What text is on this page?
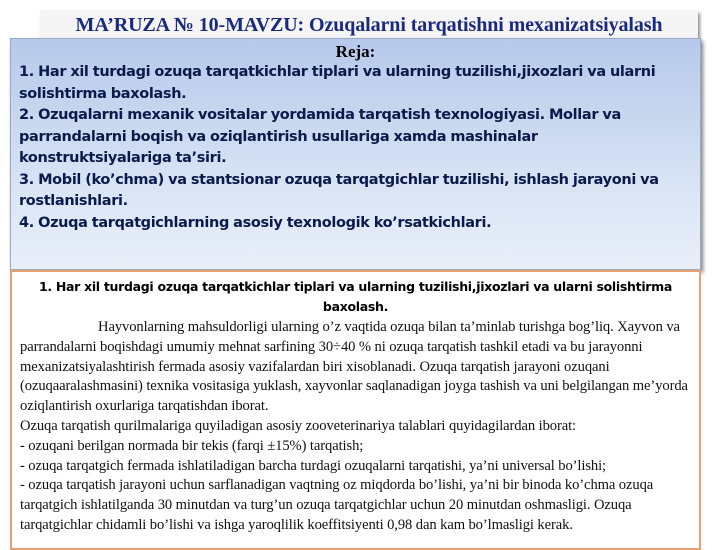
MA’RUZA № 10-MAVZU: Ozuqalarni tarqatishni mexanizatsiyalash
Reja:

1. Har xil turdagi ozuqa tarqatkichlar tiplari va ularning tuzilishi,jixozlari va ularni solishtirma baxolash.

2. Ozuqalarni mexanik vositalar yordamida tarqatish texnologiyasi. Mollar va parrandalarni boqish va oziqlantirish usullariga xamda mashinalar konstruktsiyalariga ta’siri.

3. Mobil (ko’chma) va stantsionar ozuqa tarqatgichlar tuzilishi, ishlash jarayoni va rostlanishlari.

4. Ozuqa tarqatgichlarning asosiy texnologik ko’rsatkichlari.

1. Har xil turdagi ozuqa tarqatkichlar tiplari va ularning tuzilishi,jixozlari va ularni solishtirma baxolash.

Hayvonlarning mahsuldorligi ularning o’z vaqtida ozuqa bilan ta’minlab turishga bog’liq. Xayvon va parrandalarni boqishdagi umumiy mehnat sarfining 30÷40 % ni ozuqa tarqatish tashkil etadi va bu jarayonni mexanizatsiyalashtirish fermada asosiy vazifalardan biri xisoblanadi. Ozuqa tarqatish jarayoni ozuqani (ozuqaaralashmasini) texnika vositasiga yuklash, xayvonlar saqlanadigan joyga tashish va uni belgilangan me’yorda oziqlantirish oxurlariga tarqatishdan iborat.

Ozuqa tarqatish qurilmalariga quyiladigan asosiy zooveterinariya talablari quyidagilardan iborat:

- ozuqani berilgan normada bir tekis (farqi ±15%) tarqatish;

- ozuqa tarqatgich fermada ishlatiladigan barcha turdagi ozuqalarni tarqatishi, ya’ni universal bo’lishi;

- ozuqa tarqatish jarayoni uchun sarflanadigan vaqtning oz miqdorda bo’lishi, ya’ni bir binoda ko’chma ozuqa tarqatgich ishlatilganda 30 minutdan va turg’un ozuqa tarqatgichlar uchun 20 minutdan oshmasligi. Ozuqa tarqatgichlar chidamli bo’lishi va ishga yaroqlilik koeffitsiyenti 0,98 dan kam bo’lmasligi kerak.
